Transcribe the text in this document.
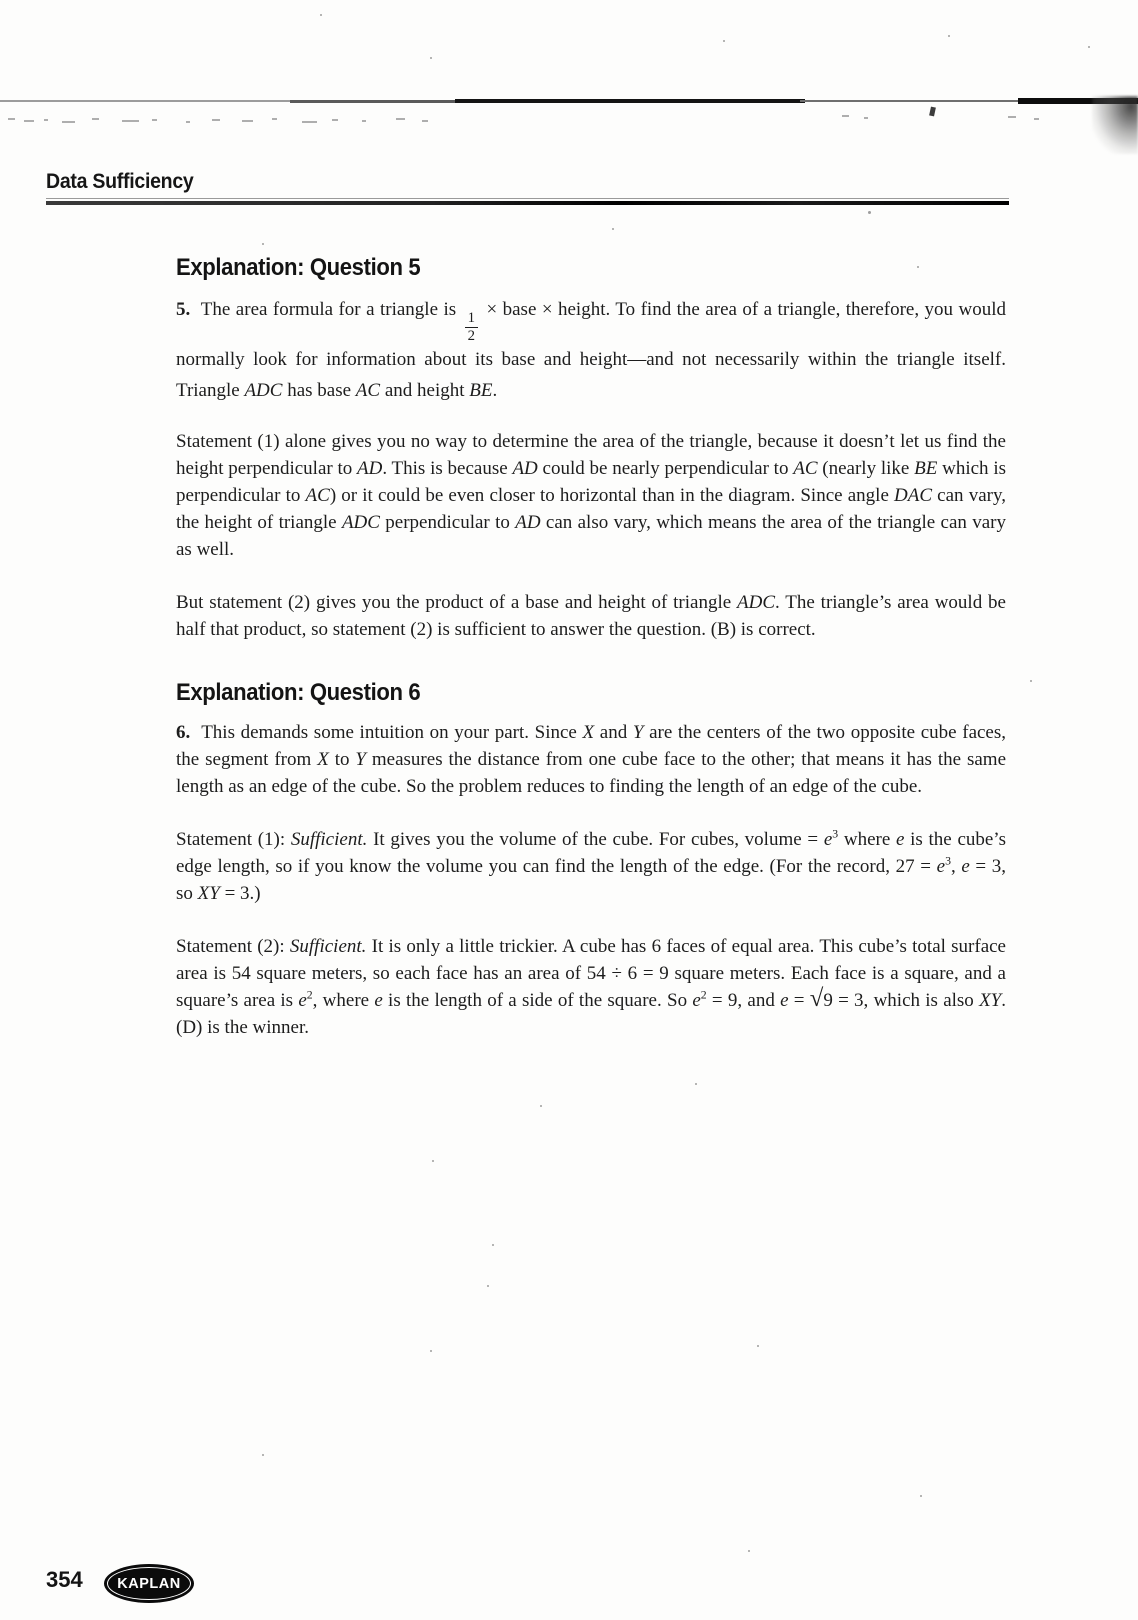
Data Sufficiency
Explanation: Question 5

5.  The area formula for a triangle is
$\frac{1}{2}$
× base × height. To find the area of a triangle, therefore, you would normally look for information about its base and height—and not necessarily within the triangle itself. Triangle ADC has base AC and height BE.

Statement (1) alone gives you no way to determine the area of the triangle, because it doesn’t let us find the height perpendicular to AD. This is because AD could be nearly perpendicular to AC (nearly like BE which is perpendicular to AC) or it could be even closer to horizontal than in the diagram. Since angle DAC can vary, the height of triangle ADC perpendicular to AD can also vary, which means the area of the triangle can vary as well.

But statement (2) gives you the product of a base and height of triangle ADC. The triangle’s area would be half that product, so statement (2) is sufficient to answer the question. (B) is correct.

Explanation: Question 6

6.  This demands some intuition on your part. Since X and Y are the centers of the two opposite cube faces, the segment from X to Y measures the distance from one cube face to the other; that means it has the same length as an edge of the cube. So the problem reduces to finding the length of an edge of the cube.

Statement (1): Sufficient. It gives you the volume of the cube. For cubes, volume = $e^3$ where e is the cube’s edge length, so if you know the volume you can find the length of the edge. (For the record, $27 = e^3$, e = 3, so XY = 3.)

Statement (2): Sufficient. It is only a little trickier. A cube has 6 faces of equal area. This cube’s total surface area is 54 square meters, so each face has an area of 54 ÷ 6 = 9 square meters. Each face is a square, and a square’s area is $e^2$, where e is the length of a side of the square. So $e^2 = 9$, and e = √9 = 3, which is also XY. (D) is the winner.

354 KAPLAN
